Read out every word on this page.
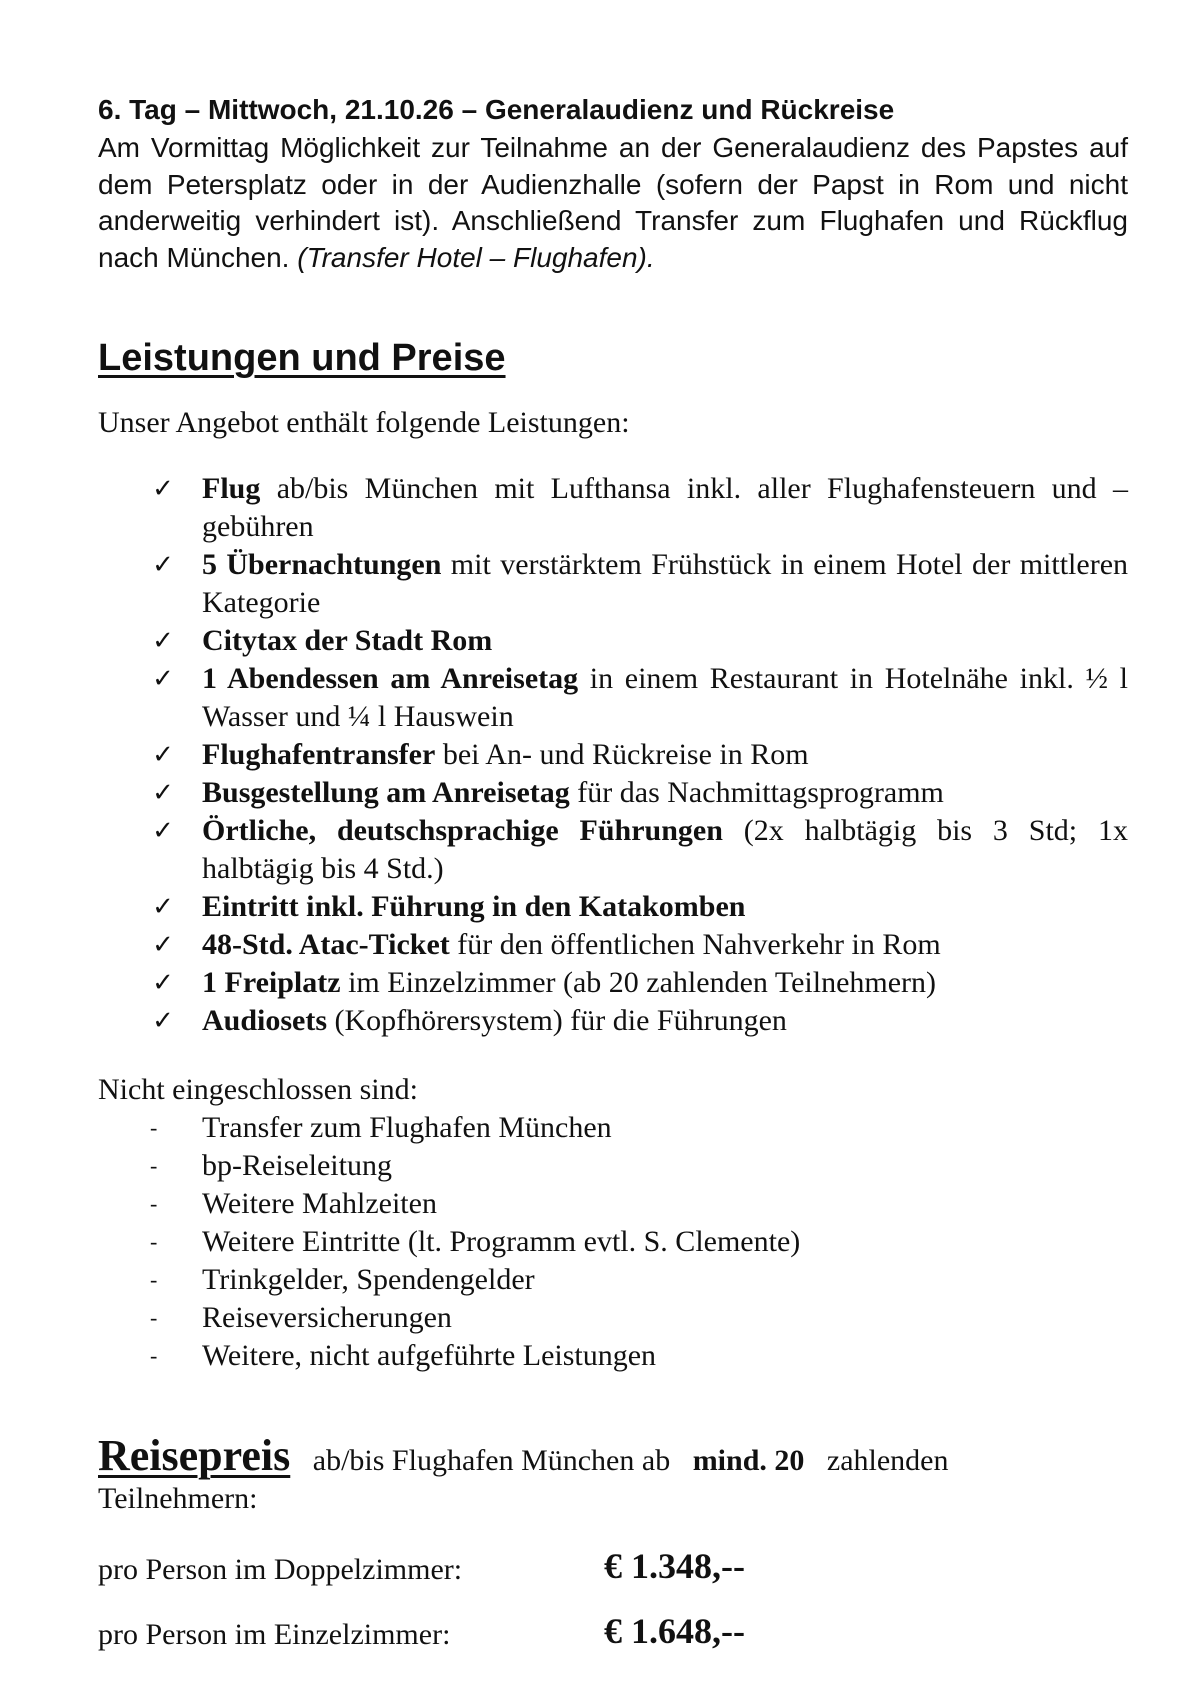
6. Tag – Mittwoch, 21.10.26 – Generalaudienz und Rückreise

Am Vormittag Möglichkeit zur Teilnahme an der Generalaudienz des Papstes auf dem Petersplatz oder in der Audienzhalle (sofern der Papst in Rom und nicht anderweitig verhindert ist). Anschließend Transfer zum Flughafen und Rückflug nach München. (Transfer Hotel – Flughafen).

Leistungen und Preise

Unser Angebot enthält folgende Leistungen:

✓ Flug ab/bis München mit Lufthansa inkl. aller Flughafensteuern und –gebühren
✓ 5 Übernachtungen mit verstärktem Frühstück in einem Hotel der mittleren Kategorie
✓ Citytax der Stadt Rom
✓ 1 Abendessen am Anreisetag in einem Restaurant in Hotelnähe inkl. ½ l Wasser und ¼ l Hauswein
✓ Flughafentransfer bei An- und Rückreise in Rom
✓ Busgestellung am Anreisetag für das Nachmittagsprogramm
✓ Örtliche, deutschsprachige Führungen (2x halbtägig bis 3 Std; 1x halbtägig bis 4 Std.)
✓ Eintritt inkl. Führung in den Katakomben
✓ 48-Std. Atac-Ticket für den öffentlichen Nahverkehr in Rom
✓ 1 Freiplatz im Einzelzimmer (ab 20 zahlenden Teilnehmern)
✓ Audiosets (Kopfhörersystem) für die Führungen

Nicht eingeschlossen sind:

- Transfer zum Flughafen München
- bp-Reiseleitung
- Weitere Mahlzeiten
- Weitere Eintritte (lt. Programm evtl. S. Clemente)
- Trinkgelder, Spendengelder
- Reiseversicherungen
- Weitere, nicht aufgeführte Leistungen

Reisepreis ab/bis Flughafen München ab mind. 20 zahlenden

Teilnehmern:

pro Person im Doppelzimmer:	€ 1.348,--
pro Person im Einzelzimmer:	€ 1.648,--
